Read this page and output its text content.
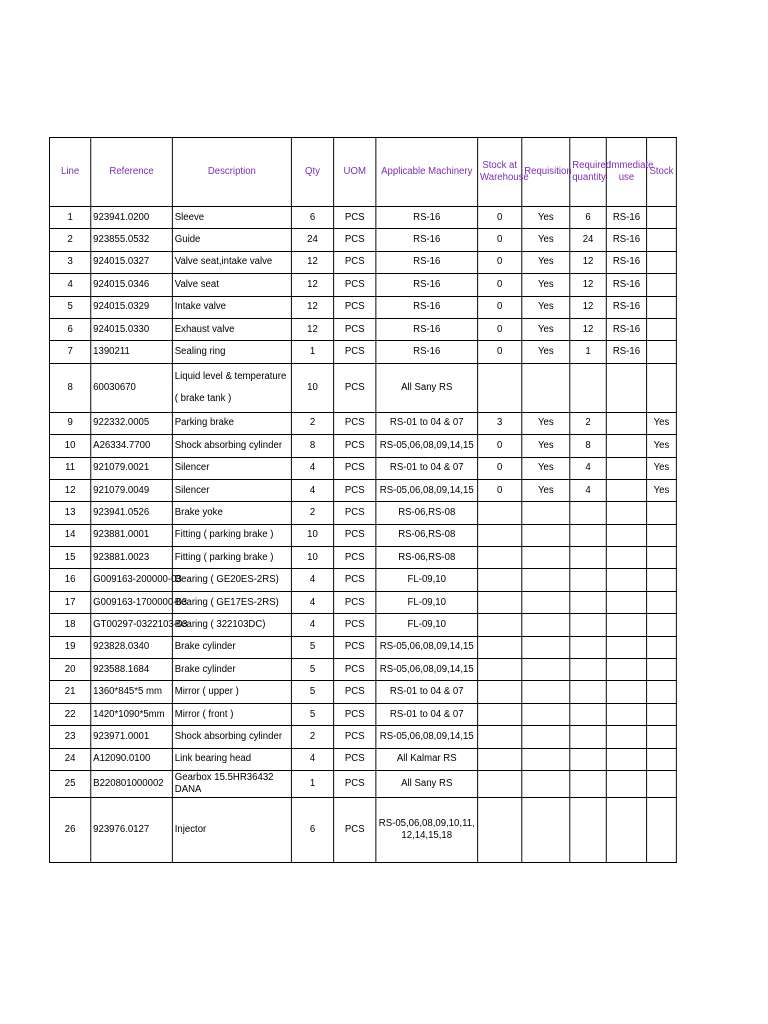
Line	Reference	Description	Qty	UOM	Applicable Machinery	Stock at Warehouse	Requisition	Required quantity	Immediate use	Stock
1	923941.0200	Sleeve	6	PCS	RS-16	0	Yes	6	RS-16	
2	923855.0532	Guide	24	PCS	RS-16	0	Yes	24	RS-16	
3	924015.0327	Valve seat,intake valve	12	PCS	RS-16	0	Yes	12	RS-16	
4	924015.0346	Valve seat	12	PCS	RS-16	0	Yes	12	RS-16	
5	924015.0329	Intake valve	12	PCS	RS-16	0	Yes	12	RS-16	
6	924015.0330	Exhaust valve	12	PCS	RS-16	0	Yes	12	RS-16	
7	1390211	Sealing ring	1	PCS	RS-16	0	Yes	1	RS-16	
8	60030670	Liquid level & temperature ( brake tank )	10	PCS	All Sany RS					
9	922332.0005	Parking brake	2	PCS	RS-01 to 04 & 07	3	Yes	2		Yes
10	A26334.7700	Shock absorbing cylinder	8	PCS	RS-05,06,08,09,14,15	0	Yes	8		Yes
11	921079.0021	Silencer	4	PCS	RS-01 to 04 & 07	0	Yes	4		Yes
12	921079.0049	Silencer	4	PCS	RS-05,06,08,09,14,15	0	Yes	4		Yes
13	923941.0526	Brake yoke	2	PCS	RS-06,RS-08					
14	923881.0001	Fitting ( parking brake )	10	PCS	RS-06,RS-08					
15	923881.0023	Fitting ( parking brake )	10	PCS	RS-06,RS-08					
16	G009163-200000-03	Bearing ( GE20ES-2RS)	4	PCS	FL-09,10					
17	G009163-1700000-03	Bearing ( GE17ES-2RS)	4	PCS	FL-09,10					
18	GT00297-0322103-03	Bearing ( 322103DC)	4	PCS	FL-09,10					
19	923828.0340	Brake cylinder	5	PCS	RS-05,06,08,09,14,15					
20	923588.1684	Brake cylinder	5	PCS	RS-05,06,08,09,14,15					
21	1360*845*5 mm	Mirror ( upper )	5	PCS	RS-01 to 04 & 07					
22	1420*1090*5mm	Mirror ( front )	5	PCS	RS-01 to 04 & 07					
23	923971.0001	Shock absorbing cylinder	2	PCS	RS-05,06,08,09,14,15					
24	A12090.0100	Link bearing head	4	PCS	All Kalmar RS					
25	B220801000002	Gearbox 15.5HR36432 DANA	1	PCS	All Sany RS					
26	923976.0127	Injector	6	PCS	RS-05,06,08,09,10,11,12,14,15,18					
